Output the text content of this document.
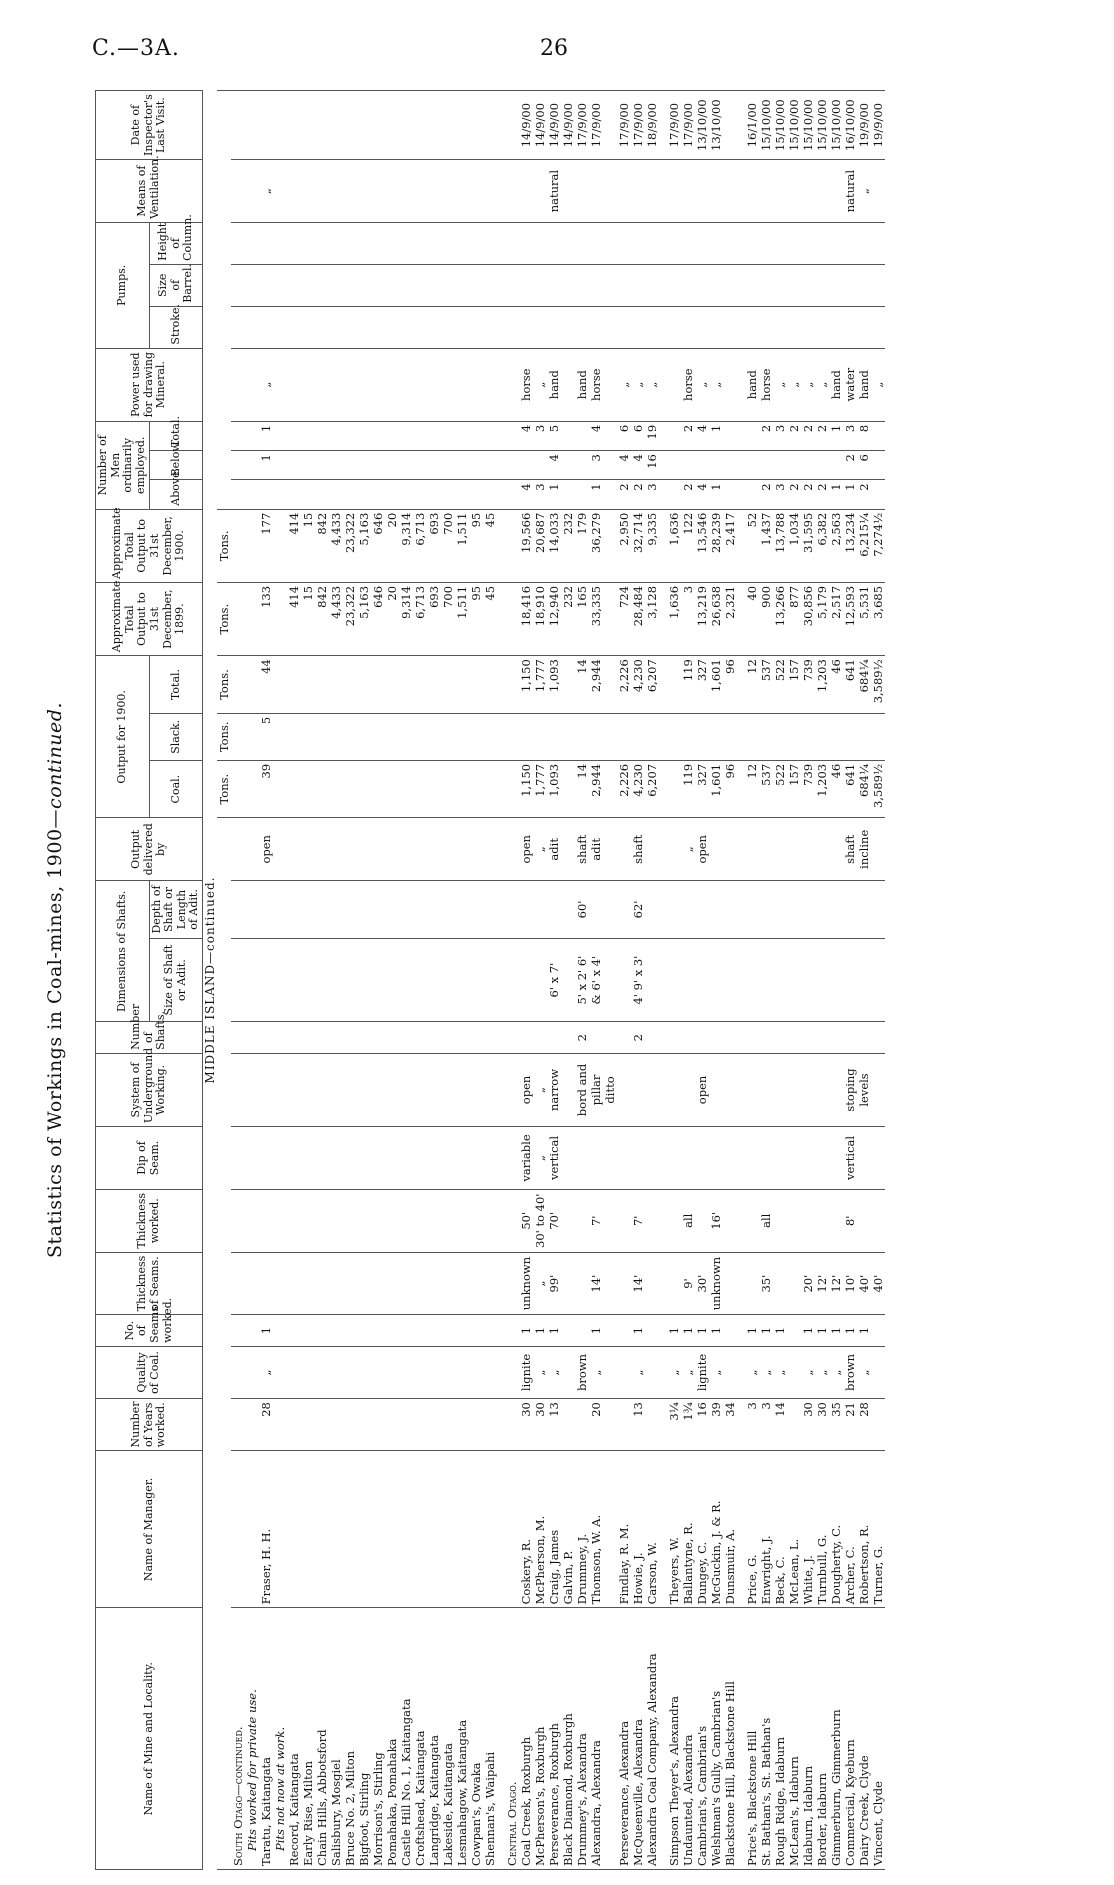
C.—3A.	26
Statistics of Workings in Coal-mines, 1900—continued.
Name of Mine and Locality.	Name of Manager.	Number of Years worked.	Quality of Coal.	No. of Seams worked.	Thickness of Seams.	Thickness worked.	Dip of Seam.	System of Underground Working.	Number of Shafts.	Dimensions of Shafts.		Output delivered by	Output for 1900.			Approximate Total Output to 31st December, 1899.	Approximate Total Output to 31st December, 1900.	Number of Men ordinarily employed.			Power used for drawing Mineral.	Pumps.			Means of Ventilation.	Date of Inspector's Last Visit.
										Size of Shaft or Adit.	Depth of Shaft or Length of Adit.		Coal.	Slack.	Total.			Above.	Below.	Total.		Stroke.	Size of Barrel.	Height of Column.		
MIDDLE ISLAND—continued.																										
													Tons.	Tons.	Tons.	Tons.	Tons.									
South Otago—continued.																										
Pits worked for private use.																										
Taratu, Kaitangata	Fraser, H. H.	28	„	1								open	39	5	44	133	177		1	1	„				„	
Pits not now at work.																										
Record, Kaitangata																414	414									
Early Rise, Milton																15	15									
Chain Hills, Abbotsford																842	842									
Salisbury, Mosgiel																4,433	4,433									
Bruce No. 2, Milton																23,322	23,322									
Bigfoot, Stirling																5,163	5,163									
Morrison's, Stirling																646	646									
Pomahaka, Pomahaka																20	20									
Castle Hill No. 1, Kaitangata																9,314	9,314									
Croftshead, Kaitangata																6,713	6,713									
Langridge, Kaitangata																693	693									
Lakeside, Kaitangata																700	700									
Lesmahagow, Kaitangata																1,511	1,511									
Cowpan's, Owaka																95	95									
Shennan's, Waipahi																45	45									

Central Otago.																										
Coal Creek, Roxburgh	Coskery, R.	30	lignite	1	unknown	50'	variable	open				open	1,150		1,150	18,416	19,566	4		4	horse					14/9/00
McPherson's, Roxburgh	McPherson, M.	30	„	1	„	30' to 40'	„	„				„	1,777		1,777	18,910	20,687	3		3	„					14/9/00
Perseverance, Roxburgh	Craig, James	13	„	1	99'	70'	vertical	narrow		6' x 7'		adit	1,093		1,093	12,940	14,033	1	4	5	hand				natural	14/9/00
Black Diamond, Roxburgh	Galvin, P.															232	232									14/9/00
Drummey's, Alexandra	Drummey, J.		brown					bord and	2	5' x 2' 6'	60'	shaft	14		14	165	179				hand					17/9/00
Alexandra, Alexandra	Thomson, W. A.	20	„	1	14'	7'		pillar		& 6' x 4'		adit	2,944		2,944	33,335	36,279	1	3	4	horse					17/9/00
								ditto																		
Perseverance, Alexandra	Findlay, R. M.												2,226		2,226	724	2,950	2	4	6	„					17/9/00
McQueenville, Alexandra	Howie, J.	13	„	1	14'	7'			2	4' 9' x 3'	62'	shaft	4,230		4,230	28,484	32,714	2	4	6	„					17/9/00
Alexandra Coal Company, Alexandra	Carson, W.												6,207		6,207	3,128	9,335	3	16	19	„					18/9/00

Simpson Theyer's, Alexandra	Theyers, W.	3¼	„	1												1,636	1,636									17/9/00
Undaunted, Alexandra	Ballantyne, R.	1¾	„	1	9'	all						„	119		119	3	122	2		2	horse					17/9/00
Cambrian's, Cambrian's	Dungey, C.	16	lignite	1	30'			open				open	327		327	13,219	13,546	4		4	„					13/10/00
Welshman's Gully, Cambrian's	McGuckin, J. & R.	39	„	1	unknown	16'							1,601		1,601	26,638	28,239	1		1	„					13/10/00
Blackstone Hill, Blackstone Hill	Dunsmuir, A.	34											96		96	2,321	2,417									

Price's, Blackstone Hill	Price, G.	3	„	1									12		12	40	52				hand					16/1/00
St. Bathan's, St. Bathan's	Enwright, J.	3	„	1	35'	all							537		537	900	1,437	2		2	horse					15/10/00
Rough Ridge, Idaburn	Beck, C.	14	„	1									522		522	13,266	13,788	3		3	„					15/10/00
McLean's, Idaburn	McLean, L.												157		157	877	1,034	2		2	„					15/10/00
Idaburn, Idaburn	White, J.	30	„	1	20'								739		739	30,856	31,595	2		2	„					15/10/00
Border, Idaburn	Turnbull, G.	30	„	1	12'								1,203		1,203	5,179	6,382	2		2	„					15/10/00
Gimmerburn, Gimmerburn	Dougherty, C.	35	„	1	12'								46		46	2,517	2,563	1		1	hand					15/10/00
Commercial, Kyeburn	Archer, C.	21	brown	1	10'	8'	vertical	stoping				shaft	641		641	12,593	13,234	1	2	3	water				natural	16/10/00
Dairy Creek, Clyde	Robertson, R.	28	„	1	40'			levels				incline	684¼		684¼	5,531	6,215¼	2	6	8	hand				„	19/9/00
Vincent, Clyde	Turner, G.				40'								3,589½		3,589½	3,685	7,274½				„					19/9/00
